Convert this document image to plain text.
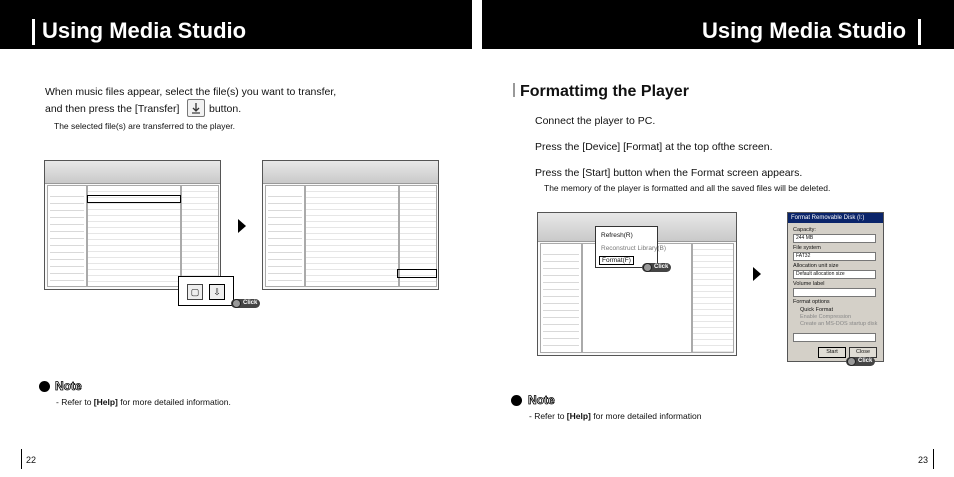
Using Media Studio	Using Media Studio
When music files appear, select the file(s) you want to transfer,
and then press the [Transfer]	button.
The selected file(s) are transferred to the player.
▢	⇩
Click
Note
- Refer to [Help] for more detailed information.
Formattimg the Player
Connect the player to PC.
Press the [Device] [Format] at the top ofthe screen.
Press the [Start] button when the Format screen appears.
The memory of the player is formatted and all the saved files will be deleted.
Refresh(R)
Reconstruct Library(B)
Format(F)
Click
Format Removable Disk (I:)
Capacity:
244 MB
File system
FAT32
Allocation unit size
Default allocation size
Volume label
Format options
Quick Format
Enable Compression
Create an MS-DOS startup disk
Start	Close
Click
Note
- Refer to [Help] for more detailed information
22	23
